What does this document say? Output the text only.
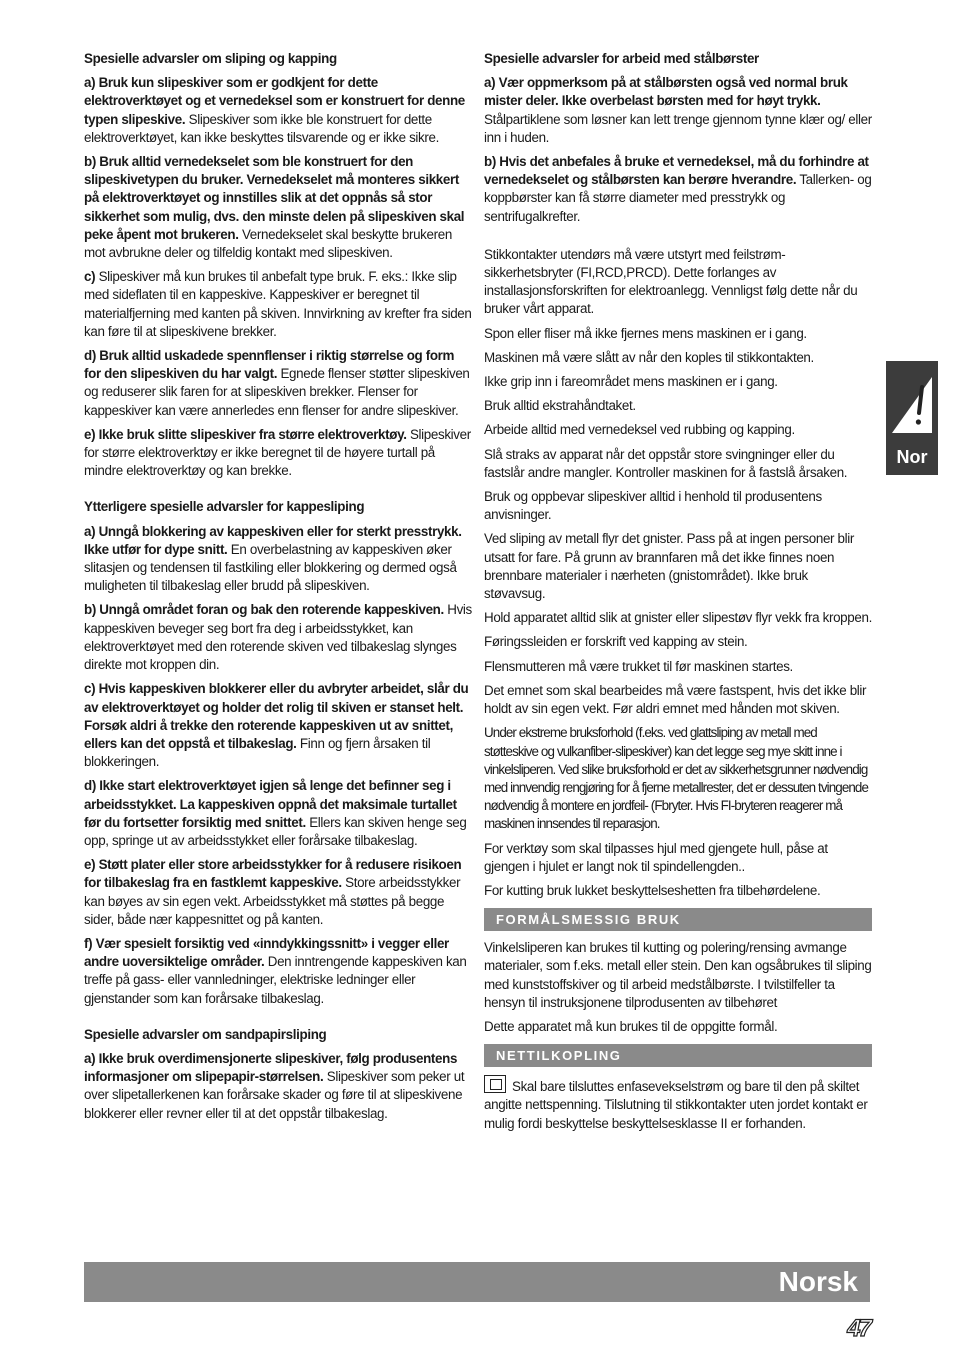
Spesielle advarsler om sliping og kapping

a) Bruk kun slipeskiver som er godkjent for dette elektroverktøyet og et vernedeksel som er konstruert for denne typen slipeskive. Slipeskiver som ikke ble konstruert for dette elektroverktøyet, kan ikke beskyttes tilsvarende og er ikke sikre.

b) Bruk alltid vernedekselet som ble konstruert for den slipeskivetypen du bruker. Vernedekselet må monteres sikkert på elektroverktøyet og innstilles slik at det oppnås så stor sikkerhet som mulig, dvs. den minste delen på slipeskiven skal peke åpent mot brukeren. Vernedekselet skal beskytte brukeren mot avbrukne deler og tilfeldig kontakt med slipeskiven.

c) Slipeskiver må kun brukes til anbefalt type bruk. F. eks.: Ikke slip med sideflaten til en kappeskive. Kappeskiver er beregnet til materialfjerning med kanten på skiven. Innvirkning av krefter fra siden kan føre til at slipeskivene brekker.

d) Bruk alltid uskadede spennflenser i riktig størrelse og form for den slipeskiven du har valgt. Egnede flenser støtter slipeskiven og reduserer slik faren for at slipeskiven brekker. Flenser for kappeskiver kan være annerledes enn flenser for andre slipeskiver.

e) Ikke bruk slitte slipeskiver fra større elektroverktøy. Slipeskiver for større elektroverktøy er ikke beregnet til de høyere turtall på mindre elektroverktøy og kan brekke.

Ytterligere spesielle advarsler for kappesliping

a) Unngå blokkering av kappeskiven eller for sterkt presstrykk. Ikke utfør for dype snitt. En overbelastning av kappeskiven øker slitasjen og tendensen til fastkiling eller blokkering og dermed også muligheten til tilbakeslag eller brudd på slipeskiven.

b) Unngå området foran og bak den roterende kappeskiven. Hvis kappeskiven beveger seg bort fra deg i arbeidsstykket, kan elektroverktøyet med den roterende skiven ved tilbakeslag slynges direkte mot kroppen din.

c) Hvis kappeskiven blokkerer eller du avbryter arbeidet, slår du av elektroverktøyet og holder det rolig til skiven er stanset helt. Forsøk aldri å trekke den roterende kappeskiven ut av snittet, ellers kan det oppstå et tilbakeslag. Finn og fjern årsaken til blokkeringen.

d) Ikke start elektroverktøyet igjen så lenge det befinner seg i arbeidsstykket. La kappeskiven oppnå det maksimale turtallet før du fortsetter forsiktig med snittet. Ellers kan skiven henge seg opp, springe ut av arbeidsstykket eller forårsake tilbakeslag.

e) Støtt plater eller store arbeidsstykker for å redusere risikoen for tilbakeslag fra en fastklemt kappeskive. Store arbeidsstykker kan bøyes av sin egen vekt. Arbeidsstykket må støttes på begge sider, både nær kappesnittet og på kanten.

f) Vær spesielt forsiktig ved «inndykkingssnitt» i vegger eller andre uoversiktelige områder. Den inntrengende kappeskiven kan treffe på gass- eller vannledninger, elektriske ledninger eller gjenstander som kan forårsake tilbakeslag.

Spesielle advarsler om sandpapirsliping

a) Ikke bruk overdimensjonerte slipeskiver, følg produsentens informasjoner om slipepapir-størrelsen. Slipeskiver som peker ut over slipetallerkenen kan forårsake skader og føre til at slipeskivene blokkerer eller revner eller til at det oppstår tilbakeslag.

Spesielle advarsler for arbeid med stålbørster

a) Vær oppmerksom på at stålbørsten også ved normal bruk mister deler. Ikke overbelast børsten med for høyt trykk. Stålpartiklene som løsner kan lett trenge gjennom tynne klær og/ eller inn i huden.

b) Hvis det anbefales å bruke et vernedeksel, må du forhindre at vernedekselet og stålbørsten kan berøre hverandre. Tallerken- og koppbørster kan få større diameter med presstrykk og sentrifugalkrefter.

Stikkontakter utendørs må være utstyrt med feilstrøm-sikkerhetsbryter (FI,RCD,PRCD). Dette forlanges av installasjonsforskriften for elektroanlegg. Vennligst følg dette når du bruker vårt apparat.

Spon eller fliser må ikke fjernes mens maskinen er i gang.

Maskinen må være slått av når den koples til stikkontakten.

Ikke grip inn i fareområdet mens maskinen er i gang.

Bruk alltid ekstrahåndtaket.

Arbeide alltid med vernedeksel ved rubbing og kapping.

Slå straks av apparat når det oppstår store svingninger eller du fastslår andre mangler. Kontroller maskinen for å fastslå årsaken.

Bruk og oppbevar slipeskiver alltid i henhold til produsentens anvisninger.

Ved sliping av metall flyr det gnister. Pass på at ingen personer blir utsatt for fare. På grunn av brannfaren må det ikke finnes noen brennbare materialer i nærheten (gnistområdet). Ikke bruk støvavsug.

Hold apparatet alltid slik at gnister eller slipestøv flyr vekk fra kroppen.

Føringssleiden er forskrift ved kapping av stein.

Flensmutteren må være trukket til før maskinen startes.

Det emnet som skal bearbeides må være fastspent, hvis det ikke blir holdt av sin egen vekt. Før aldri emnet med hånden mot skiven.

Under ekstreme bruksforhold (f.eks. ved glattsliping av metall med støtteskive og vulkanfiber-slipeskiver) kan det legge seg mye skitt inne i vinkelsliperen. Ved slike bruksforhold er det av sikkerhetsgrunner nødvendig med innvendig rengjøring for å fjerne metallrester, det er dessuten tvingende nødvendig å montere en jordfeil- (Fbryter. Hvis FI-bryteren reagerer må maskinen innsendes til reparasjon.

For verktøy som skal tilpasses hjul med gjengete hull, påse at gjengen i hjulet er langt nok til spindellengden..

For kutting bruk lukket beskyttelseshetten fra tilbehørdelene.

FORMÅLSMESSIG BRUK

Vinkelsliperen kan brukes til kutting og polering/rensing avmange materialer, som f.eks. metall eller stein. Den kan ogsåbrukes til sliping med kunststoffskiver og til arbeid medstålbørste. I tvilstilfeller ta hensyn til instruksjonene tilprodusenten av tilbehøret

Dette apparatet må kun brukes til de oppgitte formål.

NETTILKOPLING

Skal bare tilsluttes enfasevekselstrøm og bare til den på skiltet angitte nettspenning. Tilslutning til stikkontakter uten jordet kontakt er mulig fordi beskyttelse beskyttelsesklasse II er forhanden.

Nor
Norsk
47
